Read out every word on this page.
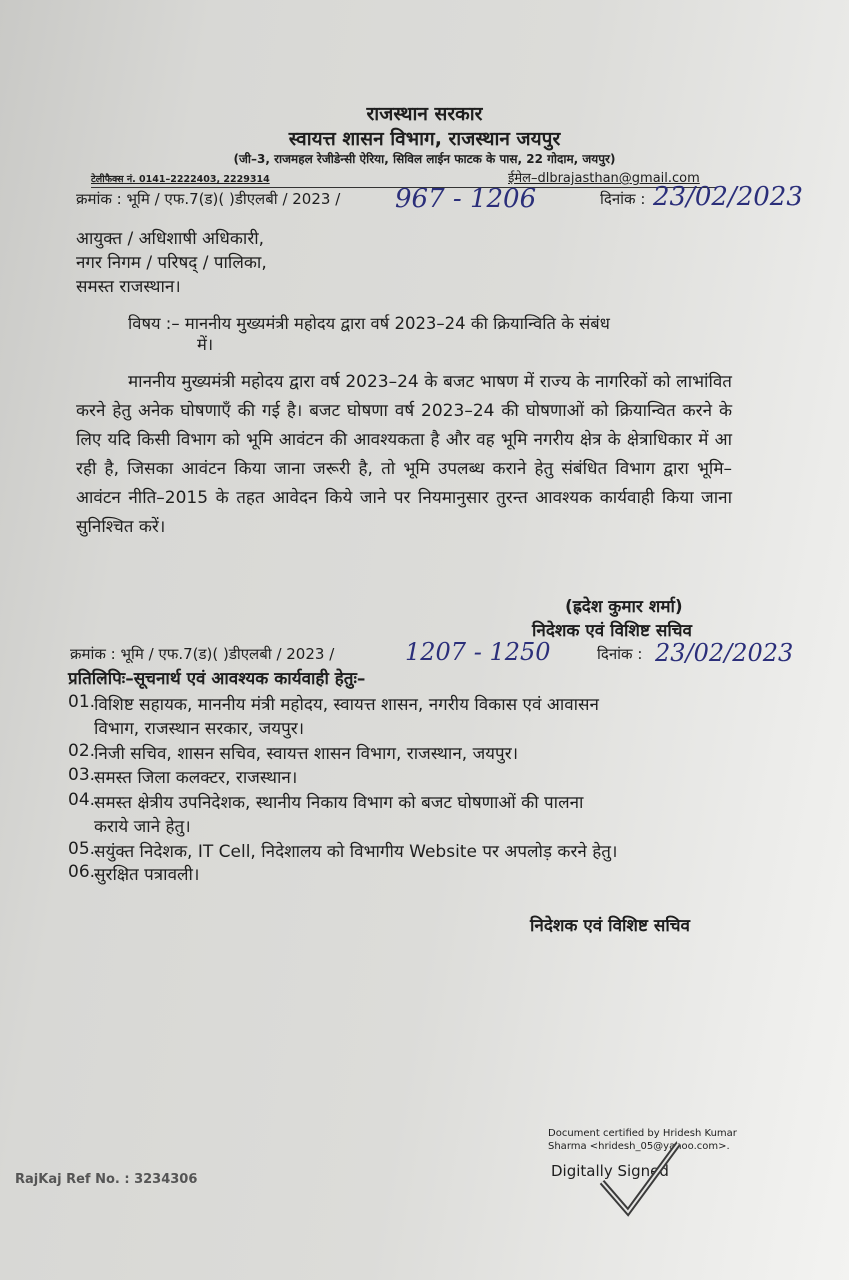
राजस्थान सरकार
स्वायत्त शासन विभाग, राजस्थान जयपुर
(जी–3, राजमहल रेजीडेन्सी ऐरिया, सिविल लाईन फाटक के पास, 22 गोदाम, जयपुर)
टेलीफैक्स नं. 0141–2222403, 2229314	ईमेल–dlbrajasthan@gmail.com
क्रमांक : भूमि / एफ.7(ड)( )डीएलबी / 2023 / 967 - 1206	दिनांक : 23/02/2023
आयुक्त / अधिशाषी अधिकारी,
नगर निगम / परिषद् / पालिका,
समस्त राजस्थान।
विषय :– माननीय मुख्यमंत्री महोदय द्वारा वर्ष 2023–24 की क्रियान्विति के संबंध
में।
माननीय मुख्यमंत्री महोदय द्वारा वर्ष 2023–24 के बजट भाषण में राज्य के नागरिकों को लाभांवित करने हेतु अनेक घोषणाएँ की गई है। बजट घोषणा वर्ष 2023–24 की घोषणाओं को क्रियान्वित करने के लिए यदि किसी विभाग को भूमि आवंटन की आवश्यकता है और वह भूमि नगरीय क्षेत्र के क्षेत्राधिकार में आ रही है, जिसका आवंटन किया जाना जरूरी है, तो भूमि उपलब्ध कराने हेतु संबंधित विभाग द्वारा भूमि–आवंटन नीति–2015 के तहत आवेदन किये जाने पर नियमानुसार तुरन्त आवश्यक कार्यवाही किया जाना सुनिश्चित करें।
(ह्रदेश कुमार शर्मा)
निदेशक एवं विशिष्ट सचिव
क्रमांक : भूमि / एफ.7(ड)( )डीएलबी / 2023 /	1207 - 1250	दिनांक : 23/02/2023
प्रतिलिपिः–सूचनार्थ एवं आवश्यक कार्यवाही हेतुः–
01.
विशिष्ट सहायक, माननीय मंत्री महोदय, स्वायत्त शासन, नगरीय विकास एवं आवासन
विभाग, राजस्थान सरकार, जयपुर।
02.
निजी सचिव, शासन सचिव, स्वायत्त शासन विभाग, राजस्थान, जयपुर।
03.
समस्त जिला कलक्टर, राजस्थान।
04.
समस्त क्षेत्रीय उपनिदेशक, स्थानीय निकाय विभाग को बजट घोषणाओं की पालना
कराये जाने हेतु।
05.
सयुंक्त निदेशक, IT Cell, निदेशालय को विभागीय Website पर अपलोड़ करने हेतु।
06.
सुरक्षित पत्रावली।
निदेशक एवं विशिष्ट सचिव
Document certified by Hridesh Kumar
Sharma <hridesh_05@yahoo.com>.
Digitally Signed
RajKaj Ref No. : 3234306
